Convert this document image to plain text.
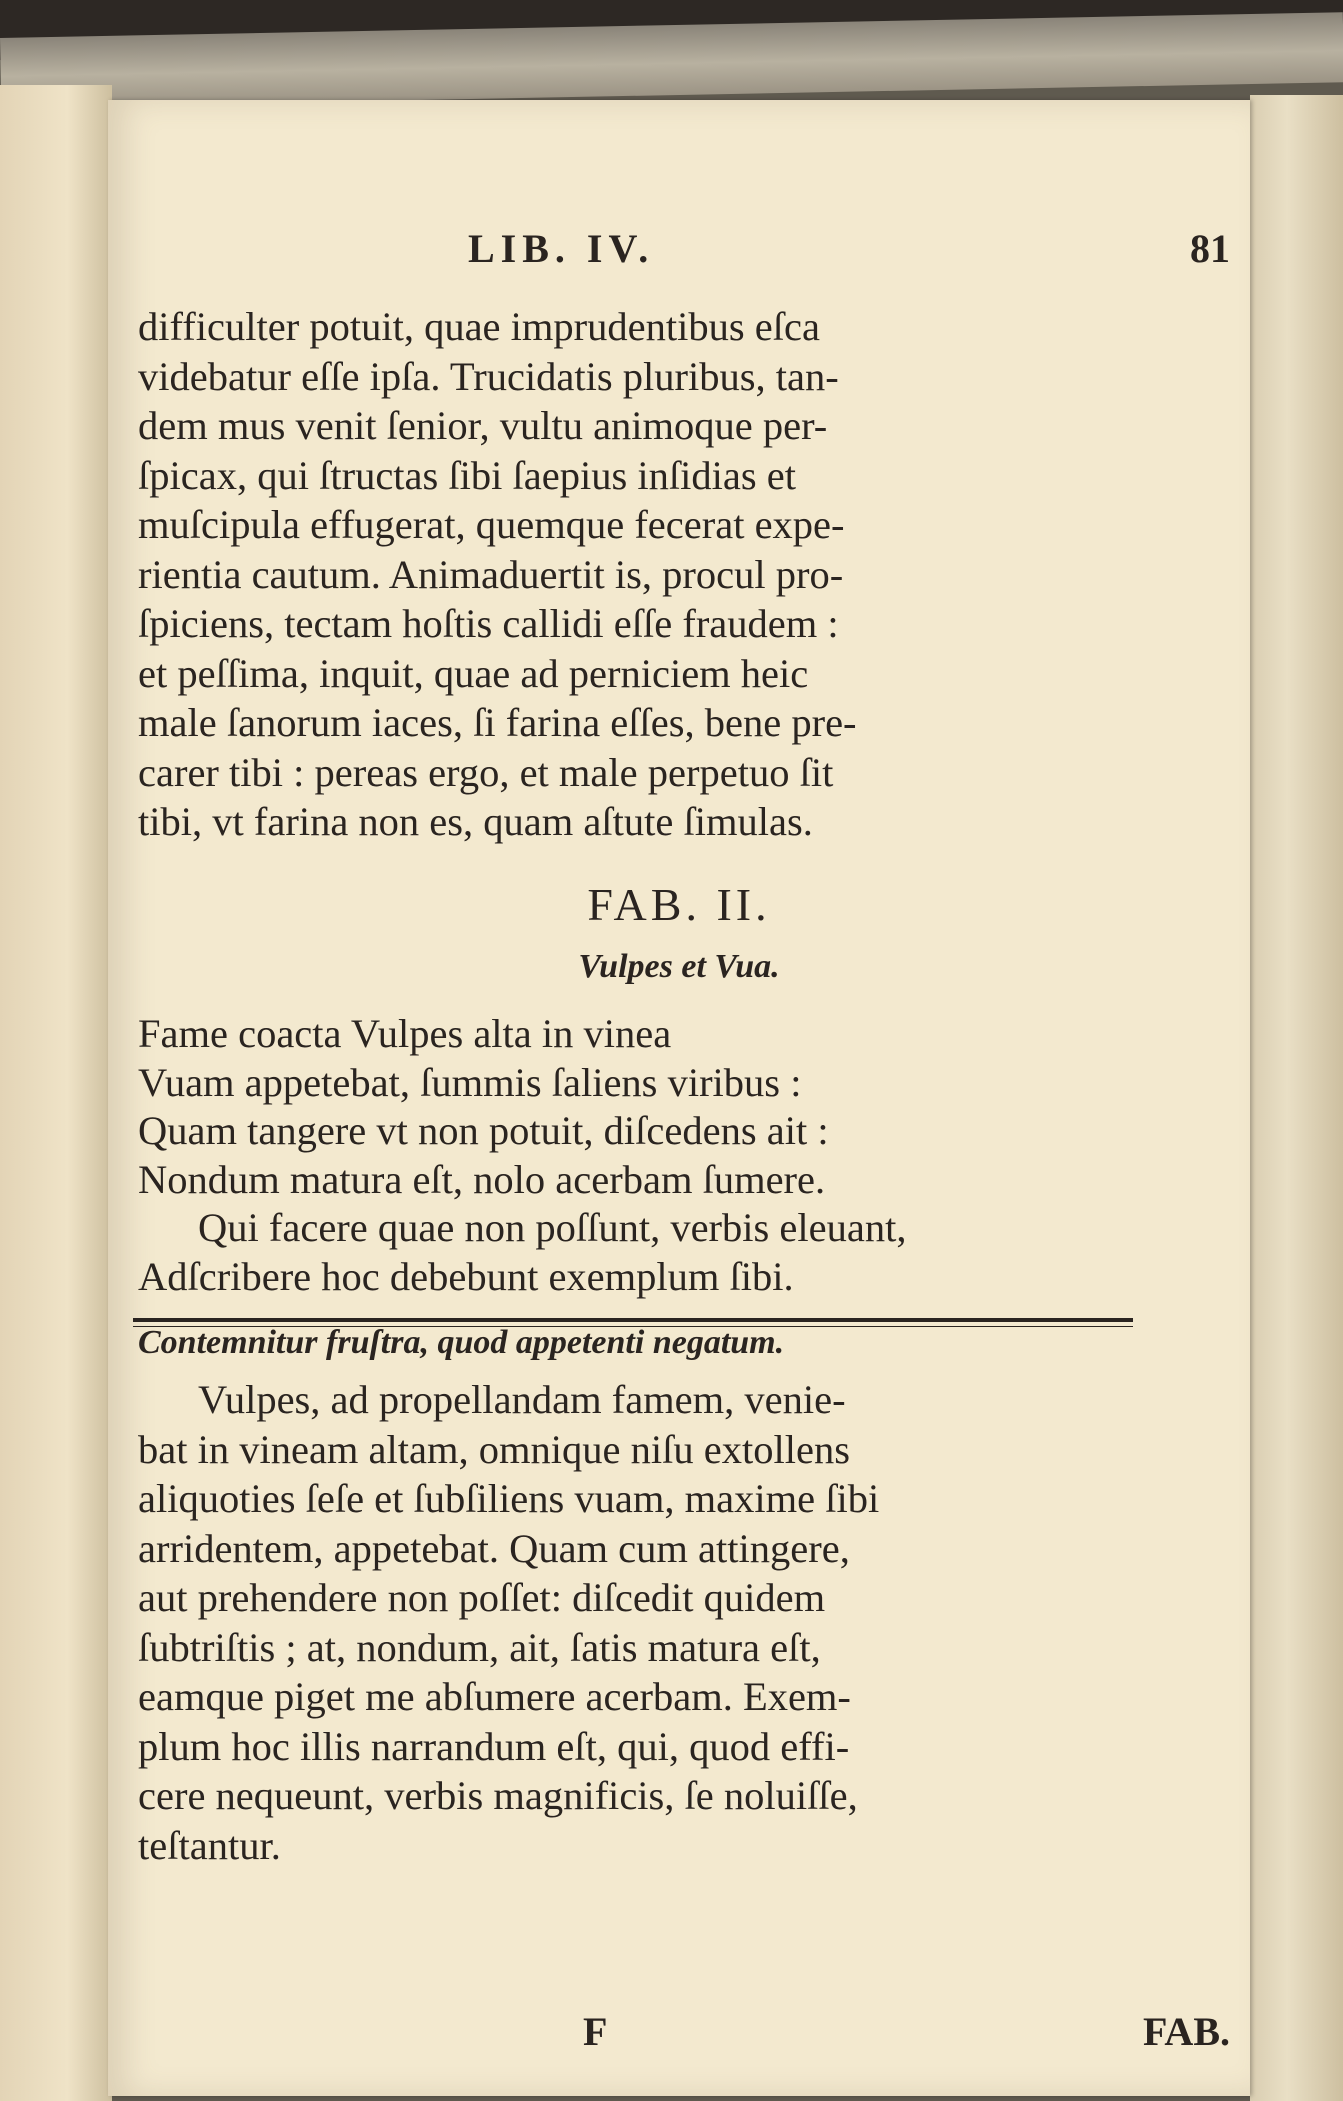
LIB. IV.	81
difficulter potuit, quae imprudentibus eſca
videbatur eſſe ipſa. Trucidatis pluribus, tan-
dem mus venit ſenior, vultu animoque per-
ſpicax, qui ſtructas ſibi ſaepius inſidias et
muſcipula effugerat, quemque fecerat expe-
rientia cautum. Animaduertit is, procul pro-
ſpiciens, tectam hoſtis callidi eſſe fraudem :
et peſſima, inquit, quae ad perniciem heic
male ſanorum iaces, ſi farina eſſes, bene pre-
carer tibi : pereas ergo, et male perpetuo ſit
tibi, vt farina non es, quam aſtute ſimulas.
FAB. II.
Vulpes et Vua.
Fame coacta Vulpes alta in vinea
Vuam appetebat, ſummis ſaliens viribus :
Quam tangere vt non potuit, diſcedens ait :
Nondum matura eſt, nolo acerbam ſumere.
Qui facere quae non poſſunt, verbis eleuant,
Adſcribere hoc debebunt exemplum ſibi.
Contemnitur fruſtra, quod appetenti negatum.
Vulpes, ad propellandam famem, venie-
bat in vineam altam, omnique niſu extollens
aliquoties ſeſe et ſubſiliens vuam, maxime ſibi
arridentem, appetebat. Quam cum attingere,
aut prehendere non poſſet: diſcedit quidem
ſubtriſtis ; at, nondum, ait, ſatis matura eſt,
eamque piget me abſumere acerbam. Exem-
plum hoc illis narrandum eſt, qui, quod effi-
cere nequeunt, verbis magnificis, ſe noluiſſe,
teſtantur.
F	FAB.
